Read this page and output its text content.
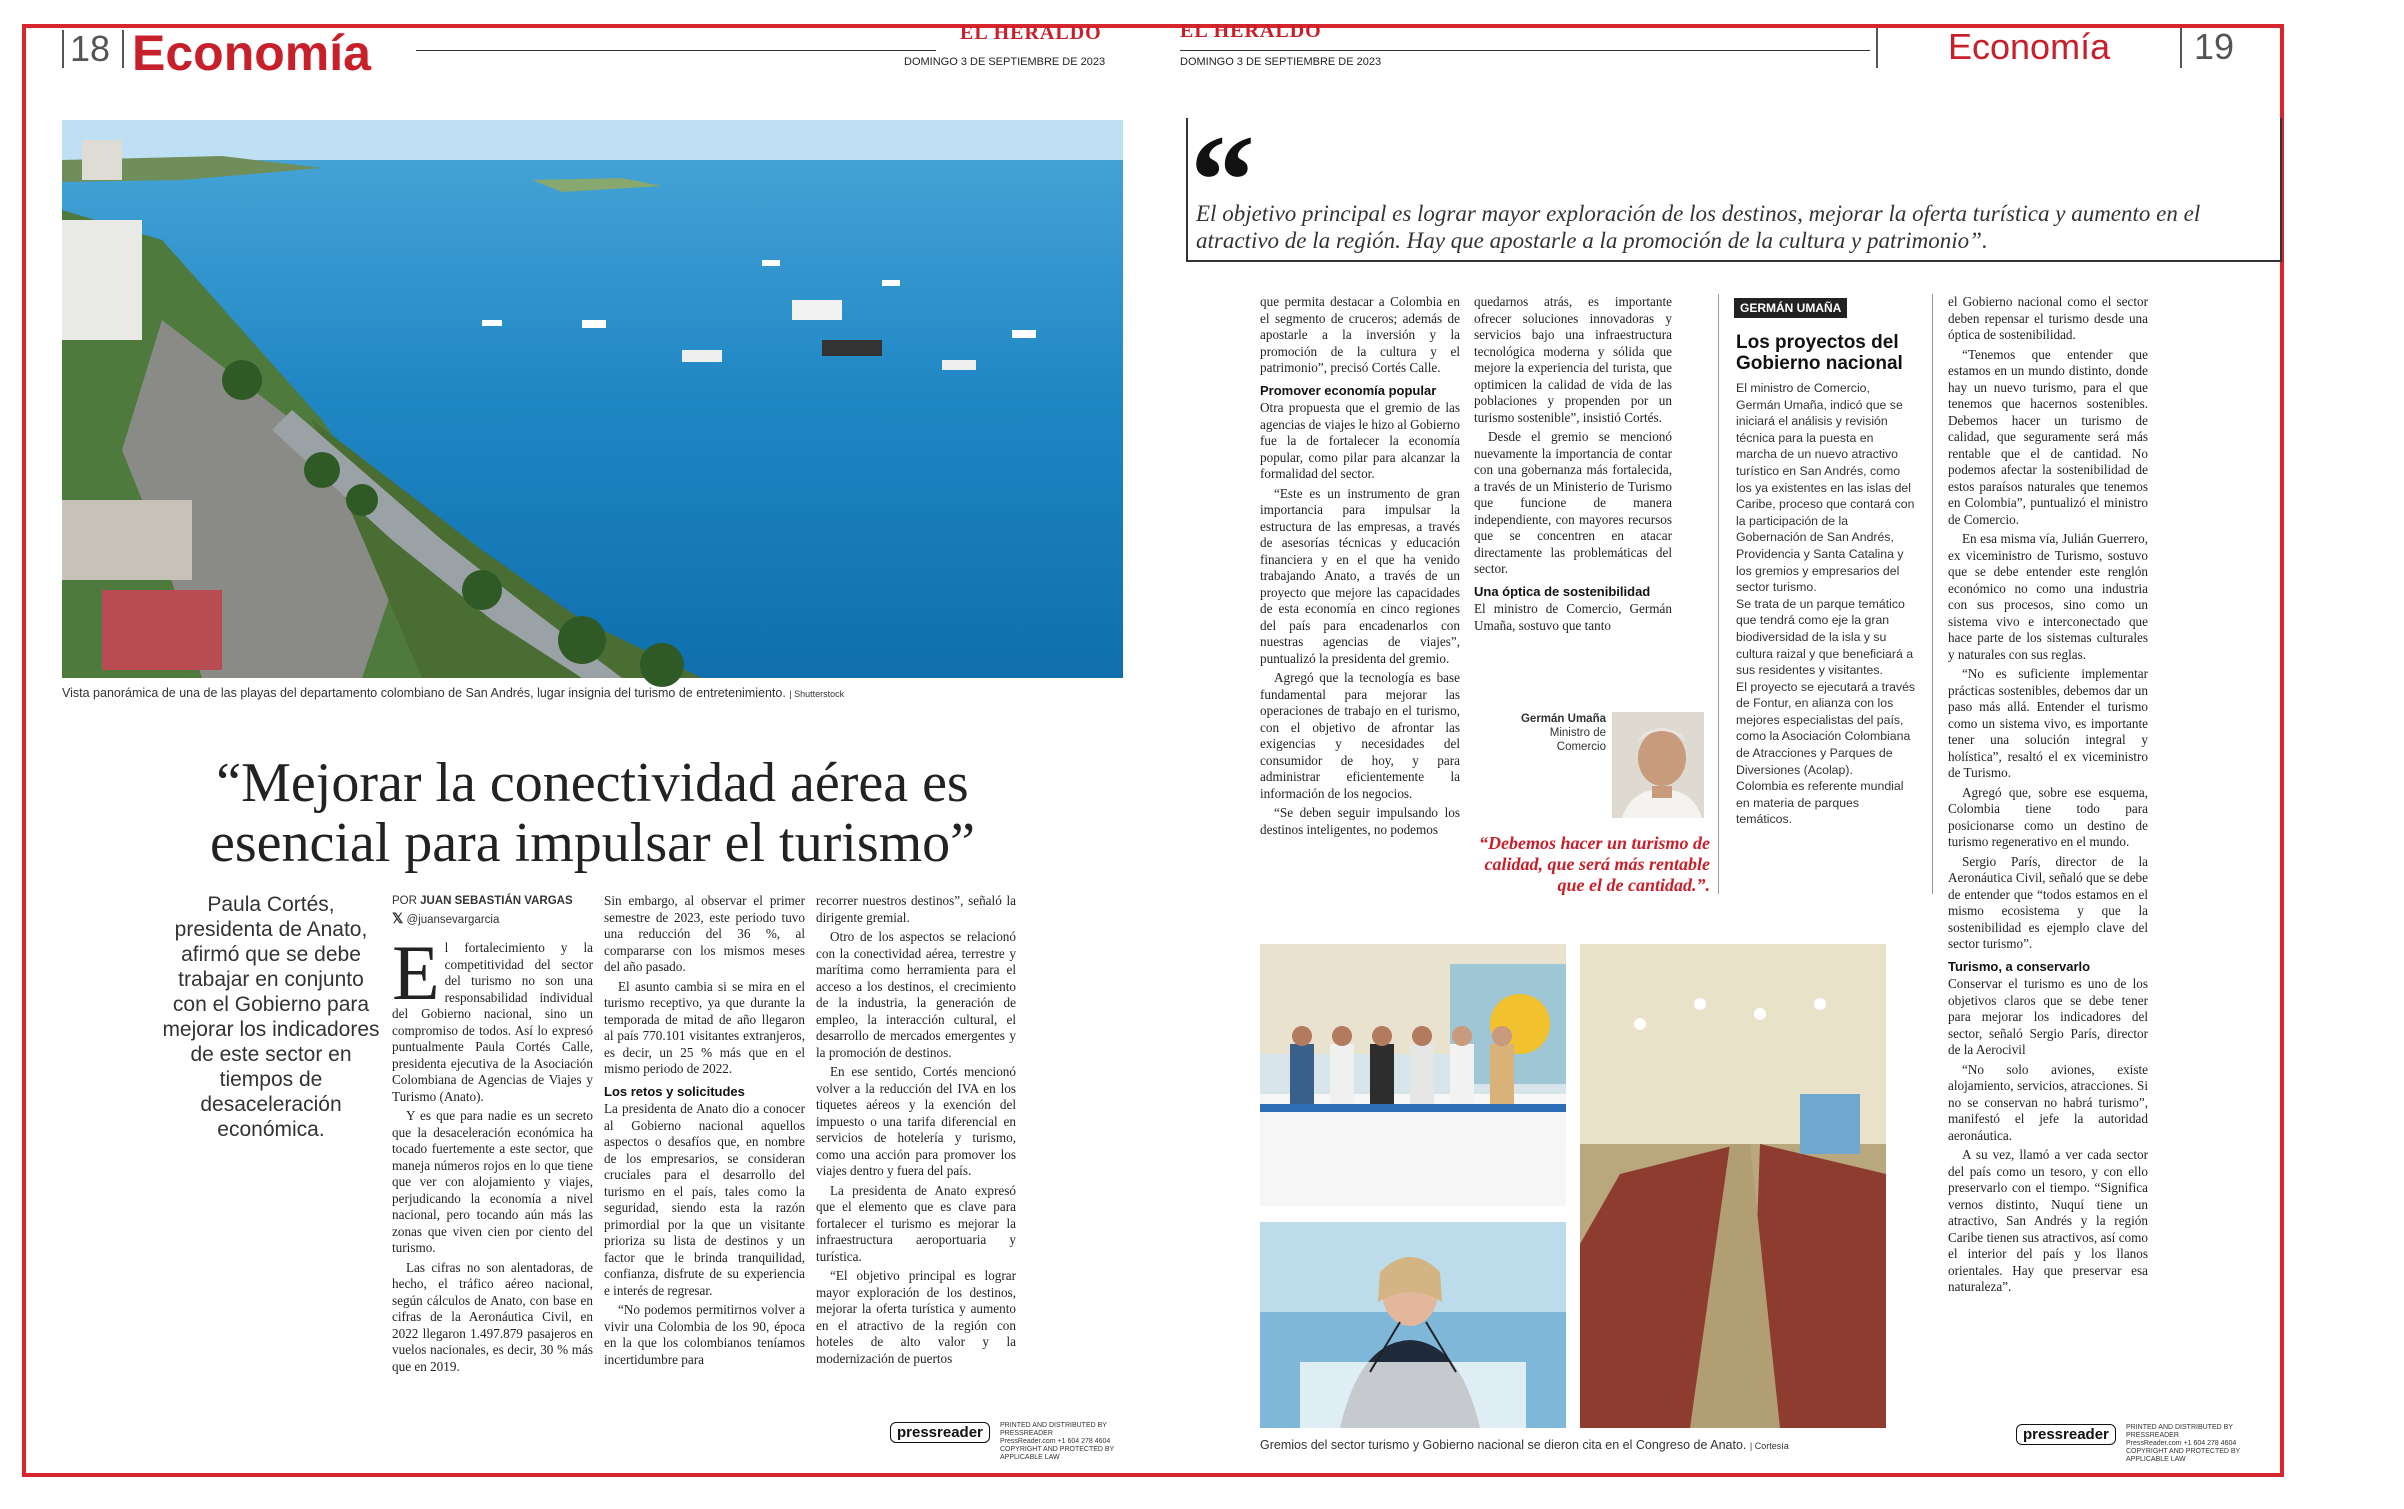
18 Economía	EL HERALDO
DOMINGO 3 DE SEPTIEMBRE DE 2023
Vista panorámica de una de las playas del departamento colombiano de San Andrés, lugar insignia del turismo de entretenimiento. | Shutterstock
“Mejorar la conectividad aérea es
esencial para impulsar el turismo”
Paula Cortés, presidenta de Anato, afirmó que se debe trabajar en conjunto con el Gobierno para mejorar los indicadores de este sector en tiempos de desaceleración económica.
POR JUAN SEBASTIÁN VARGAS
𝕏 @juansevargarcia

El fortalecimiento y la competitividad del sector del turismo no son una responsabilidad individual del Gobierno nacional, sino un compromiso de todos. Así lo expresó puntualmente Paula Cortés Calle, presidenta ejecutiva de la Asociación Colombiana de Agencias de Viajes y Turismo (Anato).

Y es que para nadie es un secreto que la desaceleración económica ha tocado fuertemente a este sector, que maneja números rojos en lo que tiene que ver con alojamiento y viajes, perjudicando la economía a nivel nacional, pero tocando aún más las zonas que viven cien por ciento del turismo.

Las cifras no son alentadoras, de hecho, el tráfico aéreo nacional, según cálculos de Anato, con base en cifras de la Aeronáutica Civil, en 2022 llegaron 1.497.879 pasajeros en vuelos nacionales, es decir, 30 % más que en 2019.

Sin embargo, al observar el primer semestre de 2023, este periodo tuvo una reducción del 36 %, al compararse con los mismos meses del año pasado.

El asunto cambia si se mira en el turismo receptivo, ya que durante la temporada de mitad de año llegaron al país 770.101 visitantes extranjeros, es decir, un 25 % más que en el mismo periodo de 2022.

Los retos y solicitudes

La presidenta de Anato dio a conocer al Gobierno nacional aquellos aspectos o desafíos que, en nombre de los empresarios, se consideran cruciales para el desarrollo del turismo en el país, tales como la seguridad, siendo esta la razón primordial por la que un visitante prioriza su lista de destinos y un factor que le brinda tranquilidad, confianza, disfrute de su experiencia e interés de regresar.

“No podemos permitirnos volver a vivir una Colombia de los 90, época en la que los colombianos teníamos incertidumbre para

recorrer nuestros destinos”, señaló la dirigente gremial.

Otro de los aspectos se relacionó con la conectividad aérea, terrestre y marítima como herramienta para el acceso a los destinos, el crecimiento de la industria, la generación de empleo, la interacción cultural, el desarrollo de mercados emergentes y la promoción de destinos.

En ese sentido, Cortés mencionó volver a la reducción del IVA en los tiquetes aéreos y la exención del impuesto o una tarifa diferencial en servicios de hotelería y turismo, como una acción para promover los viajes dentro y fuera del país.

La presidenta de Anato expresó que el elemento que es clave para fortalecer el turismo es mejorar la infraestructura aeroportuaria y turística.

“El objetivo principal es lograr mayor exploración de los destinos, mejorar la oferta turística y aumento en el atractivo de la región con hoteles de alto valor y la modernización de puertos

pressreader	PRINTED AND DISTRIBUTED BY PRESSREADER
PressReader.com +1 604 278 4604
COPYRIGHT AND PROTECTED BY APPLICABLE LAW
EL HERALDO
DOMINGO 3 DE SEPTIEMBRE DE 2023	Economía 19
“
El objetivo principal es lograr mayor exploración de los destinos, mejorar la oferta turística y aumento en el atractivo de la región. Hay que apostarle a la promoción de la cultura y patrimonio”.

que permita destacar a Colombia en el segmento de cruceros; además de apostarle a la inversión y la promoción de la cultura y el patrimonio”, precisó Cortés Calle.

Promover economía popular

Otra propuesta que el gremio de las agencias de viajes le hizo al Gobierno fue la de fortalecer la economía popular, como pilar para alcanzar la formalidad del sector.

“Este es un instrumento de gran importancia para impulsar la estructura de las empresas, a través de asesorías técnicas y educación financiera y en el que ha venido trabajando Anato, a través de un proyecto que mejore las capacidades de esta economía en cinco regiones del país para encadenarlos con nuestras agencias de viajes”, puntualizó la presidenta del gremio.

Agregó que la tecnología es base fundamental para mejorar las operaciones de trabajo en el turismo, con el objetivo de afrontar las exigencias y necesidades del consumidor de hoy, y para administrar eficientemente la información de los negocios.

“Se deben seguir impulsando los destinos inteligentes, no podemos

quedarnos atrás, es importante ofrecer soluciones innovadoras y servicios bajo una infraestructura tecnológica moderna y sólida que mejore la experiencia del turista, que optimicen la calidad de vida de las poblaciones y propenden por un turismo sostenible”, insistió Cortés.

Desde el gremio se mencionó nuevamente la importancia de contar con una gobernanza más fortalecida, a través de un Ministerio de Turismo que funcione de manera independiente, con mayores recursos que se concentren en atacar directamente las problemáticas del sector.

Una óptica de sostenibilidad

El ministro de Comercio, Germán Umaña, sostuvo que tanto

Germán Umaña
Ministro de Comercio
“Debemos hacer un turismo de calidad, que será más rentable que el de cantidad.”.
GERMÁN UMAÑA
Los proyectos del Gobierno nacional
El ministro de Comercio, Germán Umaña, indicó que se iniciará el análisis y revisión técnica para la puesta en marcha de un nuevo atractivo turístico en San Andrés, como los ya existentes en las islas del Caribe, proceso que contará con la participación de la Gobernación de San Andrés, Providencia y Santa Catalina y los gremios y empresarios del sector turismo.
Se trata de un parque temático que tendrá como eje la gran biodiversidad de la isla y su cultura raizal y que beneficiará a sus residentes y visitantes.
El proyecto se ejecutará a través de Fontur, en alianza con los mejores especialistas del país, como la Asociación Colombiana de Atracciones y Parques de Diversiones (Acolap).
Colombia es referente mundial en materia de parques temáticos.

el Gobierno nacional como el sector deben repensar el turismo desde una óptica de sostenibilidad.

“Tenemos que entender que estamos en un mundo distinto, donde hay un nuevo turismo, para el que tenemos que hacernos sostenibles. Debemos hacer un turismo de calidad, que seguramente será más rentable que el de cantidad. No podemos afectar la sostenibilidad de estos paraísos naturales que tenemos en Colombia”, puntualizó el ministro de Comercio.

En esa misma vía, Julián Guerrero, ex viceministro de Turismo, sostuvo que se debe entender este renglón económico no como una industria con sus procesos, sino como un sistema vivo e interconectado que hace parte de los sistemas culturales y naturales con sus reglas.

“No es suficiente implementar prácticas sostenibles, debemos dar un paso más allá. Entender el turismo como un sistema vivo, es importante tener una solución integral y holística”, resaltó el ex viceministro de Turismo.

Agregó que, sobre ese esquema, Colombia tiene todo para posicionarse como un destino de turismo regenerativo en el mundo.

Sergio París, director de la Aeronáutica Civil, señaló que se debe de entender que “todos estamos en el mismo ecosistema y que la sostenibilidad es ejemplo clave del sector turismo”.

Turismo, a conservarlo

Conservar el turismo es uno de los objetivos claros que se debe tener para mejorar los indicadores del sector, señaló Sergio París, director de la Aerocivil

“No solo aviones, existe alojamiento, servicios, atracciones. Si no se conservan no habrá turismo”, manifestó el jefe la autoridad aeronáutica.

A su vez, llamó a ver cada sector del país como un tesoro, y con ello preservarlo con el tiempo. “Significa vernos distinto, Nuquí tiene un atractivo, San Andrés y la región Caribe tienen sus atractivos, así como el interior del país y los llanos orientales. Hay que preservar esa naturaleza”.

Gremios del sector turismo y Gobierno nacional se dieron cita en el Congreso de Anato. | Cortesía
pressreader	PRINTED AND DISTRIBUTED BY PRESSREADER
PressReader.com +1 604 278 4604
COPYRIGHT AND PROTECTED BY APPLICABLE LAW
